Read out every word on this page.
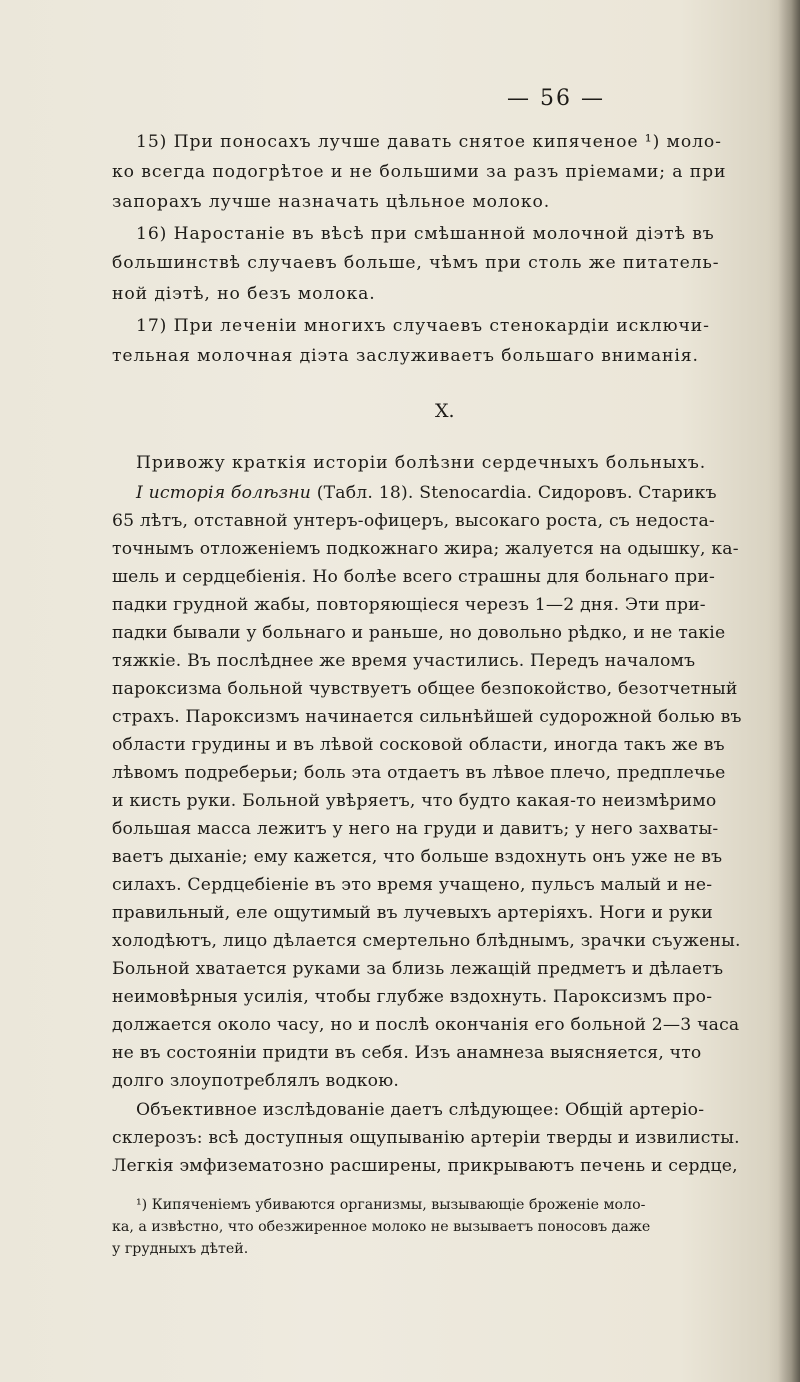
— 56 —
15) При поносахъ лучше давать снятое кипяченое ¹) моло-
ко всегда подогрѣтое и не большими за разъ пріемами; а при
запорахъ лучше назначать цѣльное молоко.
16) Наростаніе въ вѣсѣ при смѣшанной молочной діэтѣ въ
большинствѣ случаевъ больше, чѣмъ при столь же питатель-
ной діэтѣ, но безъ молока.
17) При леченіи многихъ случаевъ стенокардіи исключи-
тельная молочная діэта заслуживаетъ большаго вниманія.
X.
Привожу краткія исторіи болѣзни сердечныхъ больныхъ.
I исторія болѣзни (Табл. 18). Stenocardia. Сидоровъ. Старикъ
65 лѣтъ, отставной унтеръ-офицеръ, высокаго роста, съ недоста-
точнымъ отложеніемъ подкожнаго жира; жалуется на одышку, ка-
шель и сердцебіенія. Но болѣе всего страшны для больнаго при-
падки грудной жабы, повторяющіеся черезъ 1—2 дня. Эти при-
падки бывали у больнаго и раньше, но довольно рѣдко, и не такіе
тяжкіе. Въ послѣднее же время участились. Передъ началомъ
пароксизма больной чувствуетъ общее безпокойство, безотчетный
страхъ. Пароксизмъ начинается сильнѣйшей судорожной болью въ
области грудины и въ лѣвой сосковой области, иногда такъ же въ
лѣвомъ подреберьи; боль эта отдаетъ въ лѣвое плечо, предплечье
и кисть руки. Больной увѣряетъ, что будто какая-то неизмѣримо
большая масса лежитъ у него на груди и давитъ; у него захваты-
ваетъ дыханіе; ему кажется, что больше вздохнуть онъ уже не въ
силахъ. Сердцебіеніе въ это время учащено, пульсъ малый и не-
правильный, еле ощутимый въ лучевыхъ артеріяхъ. Ноги и руки
холодѣютъ, лицо дѣлается смертельно блѣднымъ, зрачки съужены.
Больной хватается руками за близь лежащій предметъ и дѣлаетъ
неимовѣрныя усилія, чтобы глубже вздохнуть. Пароксизмъ про-
должается около часу, но и послѣ окончанія его больной 2—3 часа
не въ состояніи придти въ себя. Изъ анамнеза выясняется, что
долго злоупотреблялъ водкою.
Объективное изслѣдованіе даетъ слѣдующее: Общій артеріо-
склерозъ: всѣ доступныя ощупыванію артеріи тверды и извилисты.
Легкія эмфизематозно расширены, прикрываютъ печень и сердце,
¹) Кипяченіемъ убиваются организмы, вызывающіе броженіе моло-
ка, а извѣстно, что обезжиренное молоко не вызываетъ поносовъ даже
у грудныхъ дѣтей.
